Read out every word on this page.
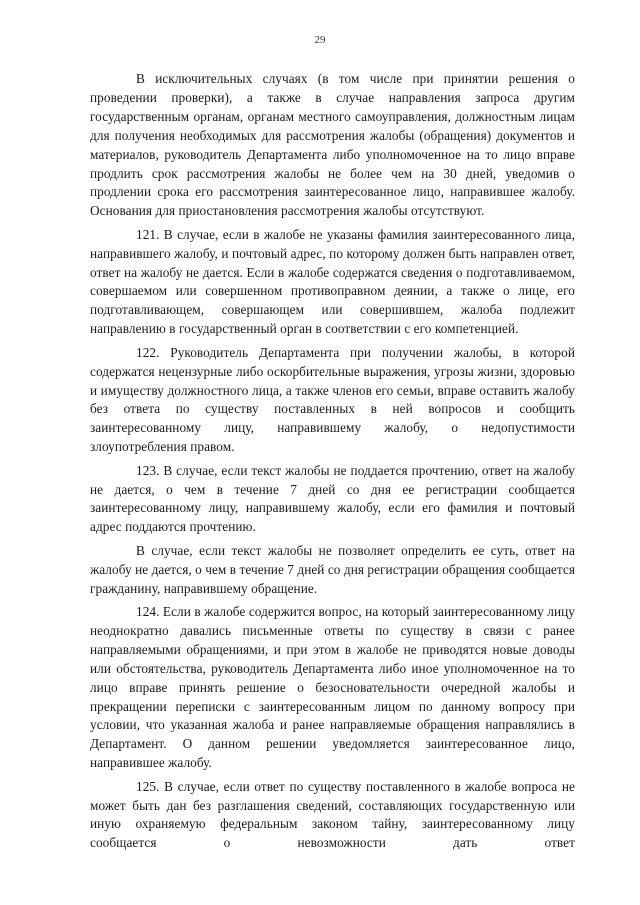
29

В исключительных случаях (в том числе при принятии решения о проведении проверки), а также в случае направления запроса другим государственным органам, органам местного самоуправления, должностным лицам для получения необходимых для рассмотрения жалобы (обращения) документов и материалов, руководитель Департамента либо уполномоченное на то лицо вправе продлить срок рассмотрения жалобы не более чем на 30 дней, уведомив о продлении срока его рассмотрения заинтересованное лицо, направившее жалобу. Основания для приостановления рассмотрения жалобы отсутствуют.

121. В случае, если в жалобе не указаны фамилия заинтересованного лица, направившего жалобу, и почтовый адрес, по которому должен быть направлен ответ, ответ на жалобу не дается. Если в жалобе содержатся сведения о подготавливаемом, совершаемом или совершенном противоправном деянии, а также о лице, его подготавливающем, совершающем или совершившем, жалоба подлежит направлению в государственный орган в соответствии с его компетенцией.

122. Руководитель Департамента при получении жалобы, в которой содержатся нецензурные либо оскорбительные выражения, угрозы жизни, здоровью и имуществу должностного лица, а также членов его семьи, вправе оставить жалобу без ответа по существу поставленных в ней вопросов и сообщить заинтересованному лицу, направившему жалобу, о недопустимости злоупотребления правом.

123. В случае, если текст жалобы не поддается прочтению, ответ на жалобу не дается, о чем в течение 7 дней со дня ее регистрации сообщается заинтересованному лицу, направившему жалобу, если его фамилия и почтовый адрес поддаются прочтению.

В случае, если текст жалобы не позволяет определить ее суть, ответ на жалобу не дается, о чем в течение 7 дней со дня регистрации обращения сообщается гражданину, направившему обращение.

124. Если в жалобе содержится вопрос, на который заинтересованному лицу неоднократно давались письменные ответы по существу в связи с ранее направляемыми обращениями, и при этом в жалобе не приводятся новые доводы или обстоятельства, руководитель Департамента либо иное уполномоченное на то лицо вправе принять решение о безосновательности очередной жалобы и прекращении переписки с заинтересованным лицом по данному вопросу при условии, что указанная жалоба и ранее направляемые обращения направлялись в Департамент. О данном решении уведомляется заинтересованное лицо, направившее жалобу.

125. В случае, если ответ по существу поставленного в жалобе вопроса не может быть дан без разглашения сведений, составляющих государственную или иную охраняемую федеральным законом тайну, заинтересованному лицу сообщается о невозможности дать ответ
